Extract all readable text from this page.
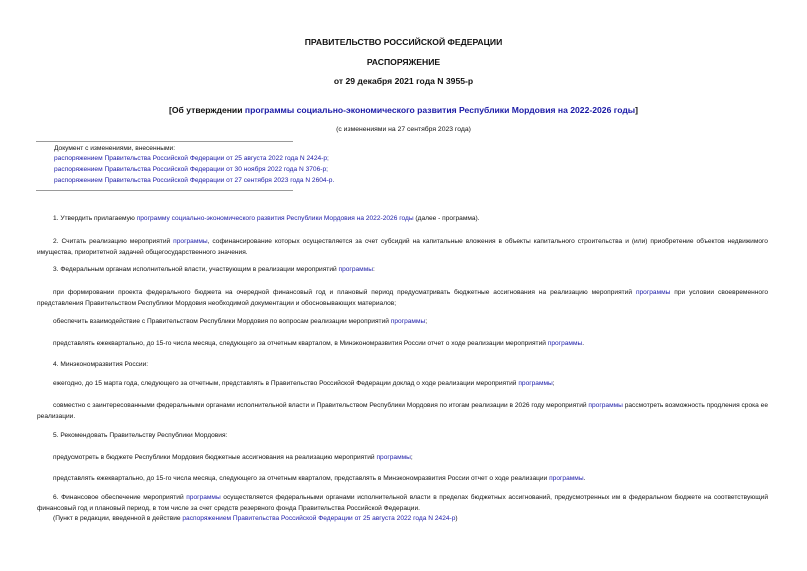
ПРАВИТЕЛЬСТВО РОССИЙСКОЙ ФЕДЕРАЦИИ
РАСПОРЯЖЕНИЕ
от 29 декабря 2021 года N 3955-р
[Об утверждении программы социально-экономического развития Республики Мордовия на 2022-2026 годы]
(с изменениями на 27 сентября 2023 года)
Документ с изменениями, внесенными:
распоряжением Правительства Российской Федерации от 25 августа 2022 года N 2424-р;
распоряжением Правительства Российской Федерации от 30 ноября 2022 года N 3706-р;
распоряжением Правительства Российской Федерации от 27 сентября 2023 года N 2604-р.
1. Утвердить прилагаемую программу социально-экономического развития Республики Мордовия на 2022-2026 годы (далее - программа).
2. Считать реализацию мероприятий программы, софинансирование которых осуществляется за счет субсидий на капитальные вложения в объекты капитального строительства и (или) приобретение объектов недвижимого имущества, приоритетной задачей общегосударственного значения.
3. Федеральным органам исполнительной власти, участвующим в реализации мероприятий программы:
при формировании проекта федерального бюджета на очередной финансовый год и плановый период предусматривать бюджетные ассигнования на реализацию мероприятий программы при условии своевременного представления Правительством Республики Мордовия необходимой документации и обосновывающих материалов;
обеспечить взаимодействие с Правительством Республики Мордовия по вопросам реализации мероприятий программы;
представлять ежеквартально, до 15-го числа месяца, следующего за отчетным кварталом, в Минэкономразвития России отчет о ходе реализации мероприятий программы.
4. Минэкономразвития России:
ежегодно, до 15 марта года, следующего за отчетным, представлять в Правительство Российской Федерации доклад о ходе реализации мероприятий программы;
совместно с заинтересованными федеральными органами исполнительной власти и Правительством Республики Мордовия по итогам реализации в 2026 году мероприятий программы рассмотреть возможность продления срока ее реализации.
5. Рекомендовать Правительству Республики Мордовия:
предусмотреть в бюджете Республики Мордовия бюджетные ассигнования на реализацию мероприятий программы;
представлять ежеквартально, до 15-го числа месяца, следующего за отчетным кварталом, представлять в Минэкономразвития России отчет о ходе реализации программы.
6. Финансовое обеспечение мероприятий программы осуществляется федеральными органами исполнительной власти в пределах бюджетных ассигнований, предусмотренных им в федеральном бюджете на соответствующий финансовый год и плановый период, в том числе за счет средств резервного фонда Правительства Российской Федерации.
(Пункт в редакции, введенной в действие распоряжением Правительства Российской Федерации от 25 августа 2022 года N 2424-р)
